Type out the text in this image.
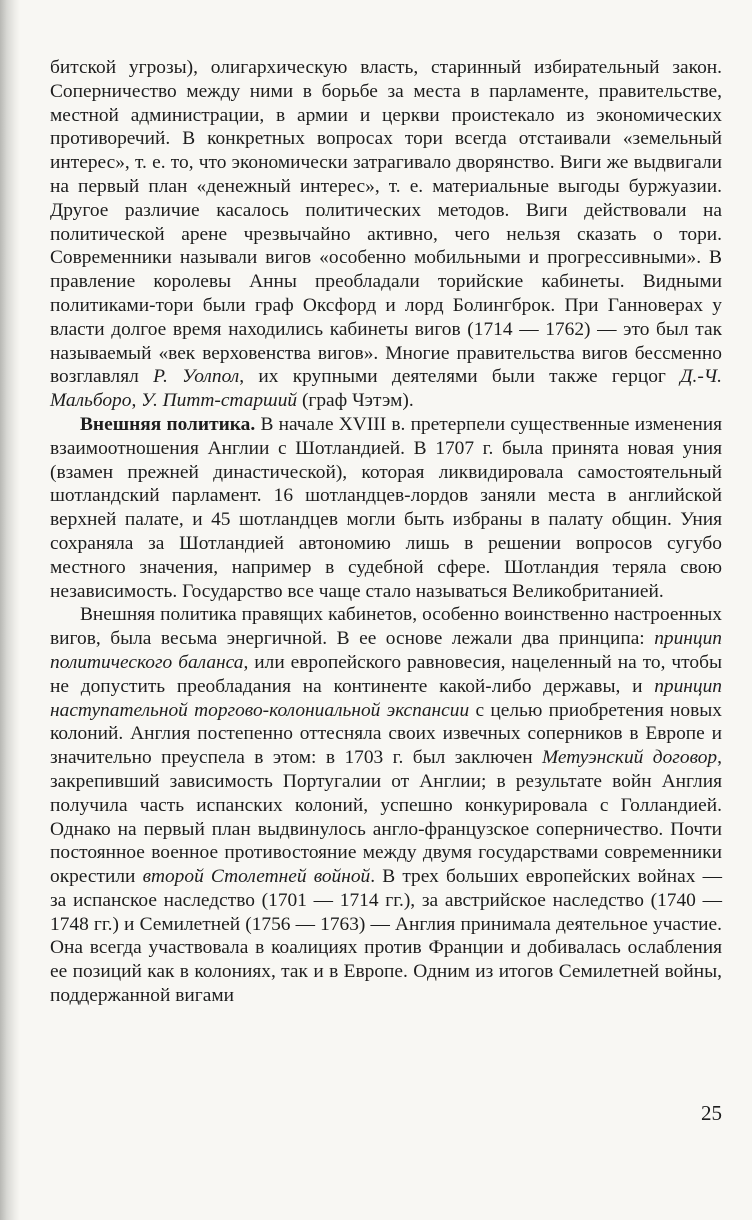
битской угрозы), олигархическую власть, старинный избирательный закон. Соперничество между ними в борьбе за места в парламенте, правительстве, местной администрации, в армии и церкви проистекало из экономических противоречий. В конкретных вопросах тори всегда отстаивали «земельный интерес», т. е. то, что экономически затрагивало дворянство. Виги же выдвигали на первый план «денежный интерес», т. е. материальные выгоды буржуазии. Другое различие касалось политических методов. Виги действовали на политической арене чрезвычайно активно, чего нельзя сказать о тори. Современники называли вигов «особенно мобильными и прогрессивными». В правление королевы Анны преобладали торийские кабинеты. Видными политиками-тори были граф Оксфорд и лорд Болингброк. При Ганноверах у власти долгое время находились кабинеты вигов (1714 — 1762) — это был так называемый «век верховенства вигов». Многие правительства вигов бессменно возглавлял Р. Уолпол, их крупными деятелями были также герцог Д.-Ч. Мальборо, У. Питт-старший (граф Чэтэм).

Внешняя политика. В начале XVIII в. претерпели существенные изменения взаимоотношения Англии с Шотландией. В 1707 г. была принята новая уния (взамен прежней династической), которая ликвидировала самостоятельный шотландский парламент. 16 шотландцев-лордов заняли места в английской верхней палате, и 45 шотландцев могли быть избраны в палату общин. Уния сохраняла за Шотландией автономию лишь в решении вопросов сугубо местного значения, например в судебной сфере. Шотландия теряла свою независимость. Государство все чаще стало называться Великобританией.

Внешняя политика правящих кабинетов, особенно воинственно настроенных вигов, была весьма энергичной. В ее основе лежали два принципа: принцип политического баланса, или европейского равновесия, нацеленный на то, чтобы не допустить преобладания на континенте какой-либо державы, и принцип наступательной торгово-колониальной экспансии с целью приобретения новых колоний. Англия постепенно оттесняла своих извечных соперников в Европе и значительно преуспела в этом: в 1703 г. был заключен Метуэнский договор, закрепивший зависимость Португалии от Англии; в результате войн Англия получила часть испанских колоний, успешно конкурировала с Голландией. Однако на первый план выдвинулось англо-французское соперничество. Почти постоянное военное противостояние между двумя государствами современники окрестили второй Столетней войной. В трех больших европейских войнах — за испанское наследство (1701 — 1714 гг.), за австрийское наследство (1740 — 1748 гг.) и Семилетней (1756 — 1763) — Англия принимала деятельное участие. Она всегда участвовала в коалициях против Франции и добивалась ослабления ее позиций как в колониях, так и в Европе. Одним из итогов Семилетней войны, поддержанной вигами

25
